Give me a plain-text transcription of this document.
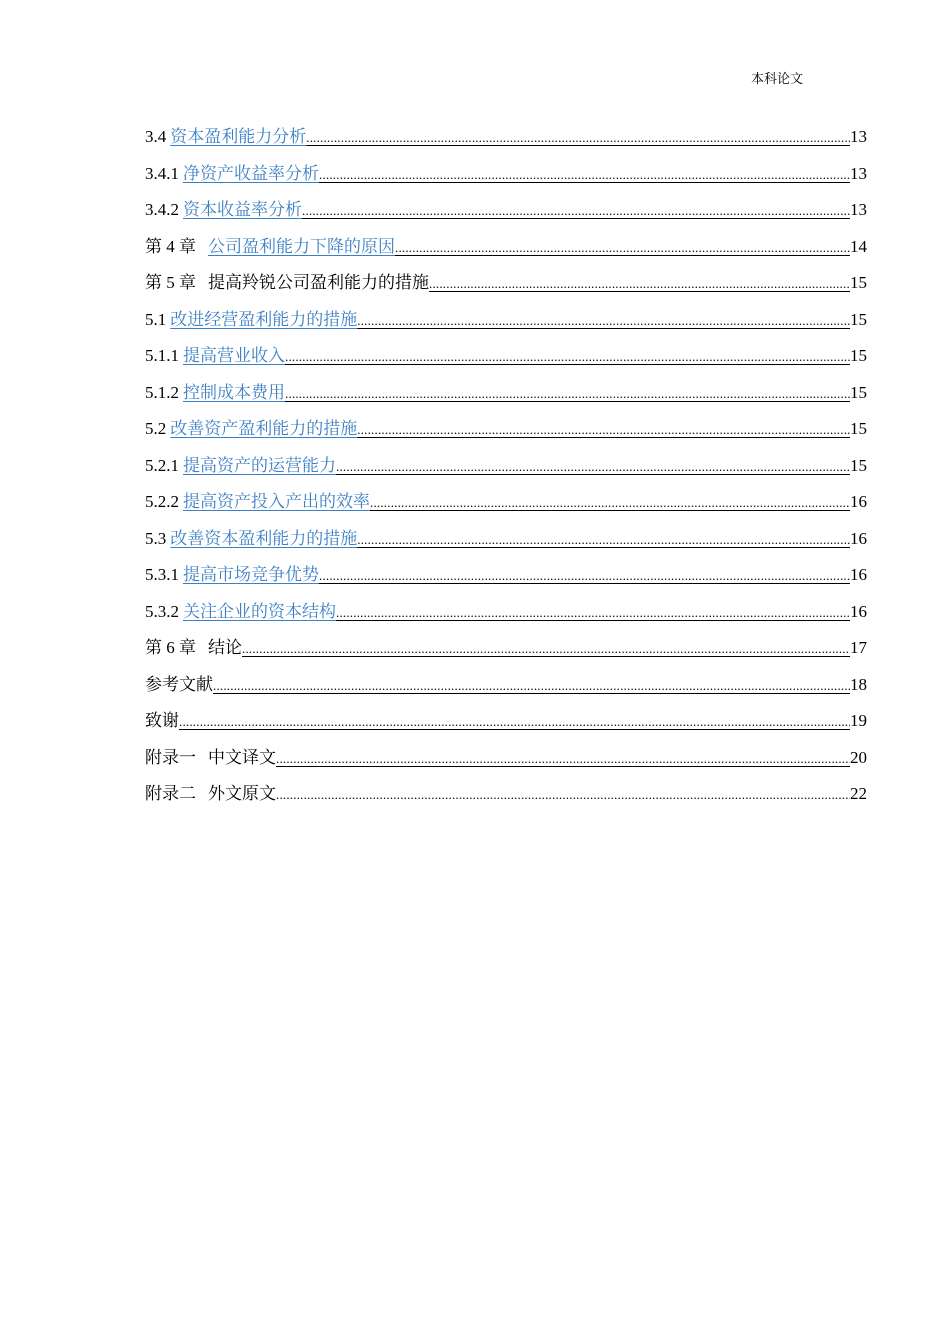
本科论文
3.4 资本盈利能力分析 .....	13
3.4.1 净资产收益率分析 .....	13
3.4.2 资本收益率分析 .....	13
第 4 章 公司盈利能力下降的原因 .....	14
第 5 章 提高羚锐公司盈利能力的措施 .....	15
5.1 改进经营盈利能力的措施 .....	15
5.1.1 提高营业收入 .....	15
5.1.2 控制成本费用 .....	15
5.2 改善资产盈利能力的措施 .....	15
5.2.1 提高资产的运营能力 .....	15
5.2.2 提高资产投入产出的效率 .....	16
5.3 改善资本盈利能力的措施 .....	16
5.3.1 提高市场竞争优势 .....	16
5.3.2 关注企业的资本结构 .....	16
第 6 章 结论 .....	17
参考文献 .....	18
致谢 .....	19
附录一 中文译文 .....	20
附录二 外文原文 .....	22
